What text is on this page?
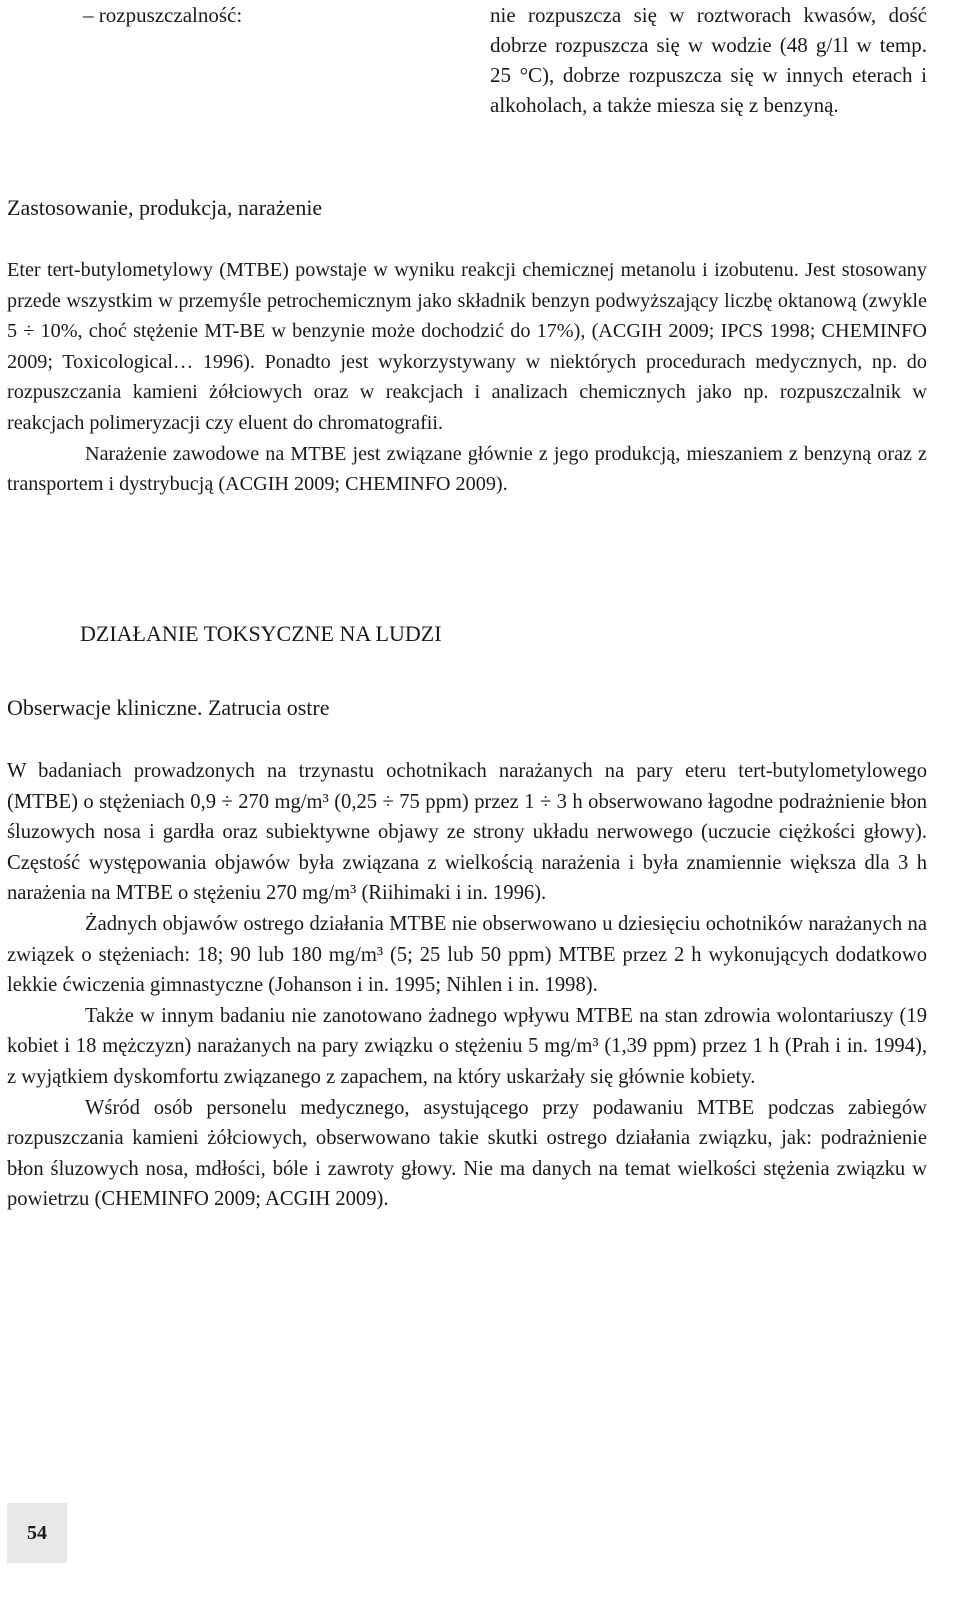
– rozpuszczalność:	nie rozpuszcza się w roztworach kwasów, dość dobrze rozpuszcza się w wodzie (48 g/1l w temp. 25 °C), dobrze rozpuszcza się w innych eterach i alkoholach, a także miesza się z benzyną.
Zastosowanie, produkcja, narażenie

Eter tert-butylometylowy (MTBE) powstaje w wyniku reakcji chemicznej metanolu i izobutenu. Jest stosowany przede wszystkim w przemyśle petrochemicznym jako składnik benzyn podwyższający liczbę oktanową (zwykle 5 ÷ 10%, choć stężenie MT-BE w benzynie może dochodzić do 17%), (ACGIH 2009; IPCS 1998; CHEMINFO 2009; Toxicological… 1996). Ponadto jest wykorzystywany w niektórych procedurach medycznych, np. do rozpuszczania kamieni żółciowych oraz w reakcjach i analizach chemicznych jako np. rozpuszczalnik w reakcjach polimeryzacji czy eluent do chromatografii.

Narażenie zawodowe na MTBE jest związane głównie z jego produkcją, mieszaniem z benzyną oraz z transportem i dystrybucją (ACGIH 2009; CHEMINFO 2009).

DZIAŁANIE TOKSYCZNE NA LUDZI
Obserwacje kliniczne. Zatrucia ostre

W badaniach prowadzonych na trzynastu ochotnikach narażanych na pary eteru tert-butylometylowego (MTBE) o stężeniach 0,9 ÷ 270 mg/m³ (0,25 ÷ 75 ppm) przez 1 ÷ 3 h obserwowano łagodne podrażnienie błon śluzowych nosa i gardła oraz subiektywne objawy ze strony układu nerwowego (uczucie ciężkości głowy). Częstość występowania objawów była związana z wielkością narażenia i była znamiennie większa dla 3 h narażenia na MTBE o stężeniu 270 mg/m³ (Riihimaki i in. 1996).

Żadnych objawów ostrego działania MTBE nie obserwowano u dziesięciu ochotników narażanych na związek o stężeniach: 18; 90 lub 180 mg/m³ (5; 25 lub 50 ppm) MTBE przez 2 h wykonujących dodatkowo lekkie ćwiczenia gimnastyczne (Johanson i in. 1995; Nihlen i in. 1998).

Także w innym badaniu nie zanotowano żadnego wpływu MTBE na stan zdrowia wolontariuszy (19 kobiet i 18 mężczyzn) narażanych na pary związku o stężeniu 5 mg/m³ (1,39 ppm) przez 1 h (Prah i in. 1994), z wyjątkiem dyskomfortu związanego z zapachem, na który uskarżały się głównie kobiety.

Wśród osób personelu medycznego, asystującego przy podawaniu MTBE podczas zabiegów rozpuszczania kamieni żółciowych, obserwowano takie skutki ostrego działania związku, jak: podrażnienie błon śluzowych nosa, mdłości, bóle i zawroty głowy. Nie ma danych na temat wielkości stężenia związku w powietrzu (CHEMINFO 2009; ACGIH 2009).

54
